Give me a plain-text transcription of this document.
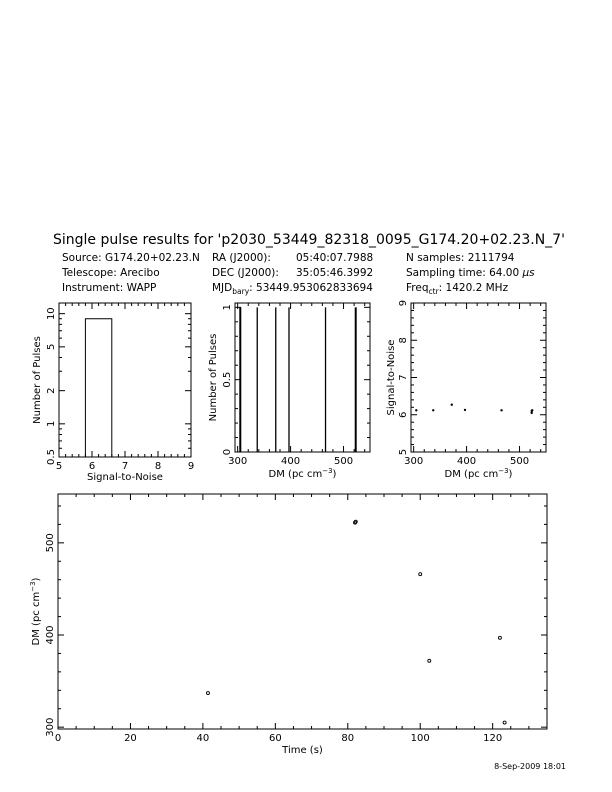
Single pulse results for 'p2030_53449_82318_0095_G174.20+02.23.N_7'
Source: G174.20+02.23.N
Telescope: Arecibo
Instrument: WAPP
RA (J2000): 05:40:07.7988
DEC (J2000): 35:05:46.3992
$MJD_{bary}$: 53449.953062833694
N samples: 2111794
Sampling time: 64.00 μs
Freq$_{ctr}$: 1420.2 MHz
5	6	7	8	9
0.5
1
2
5
10
Signal-to-Noise
Number of Pulses
300	400	500
0
0.5
1
DM (pc $cm^{-3}$)
Number of Pulses
300	400	500
5
6
7
8
9
DM (pc $cm^{-3}$)
Signal-to-Noise
0	20	40	60	80	100	120
300
400
500
Time (s)
DM (pc $cm^{-3}$)
8-Sep-2009 18:01
